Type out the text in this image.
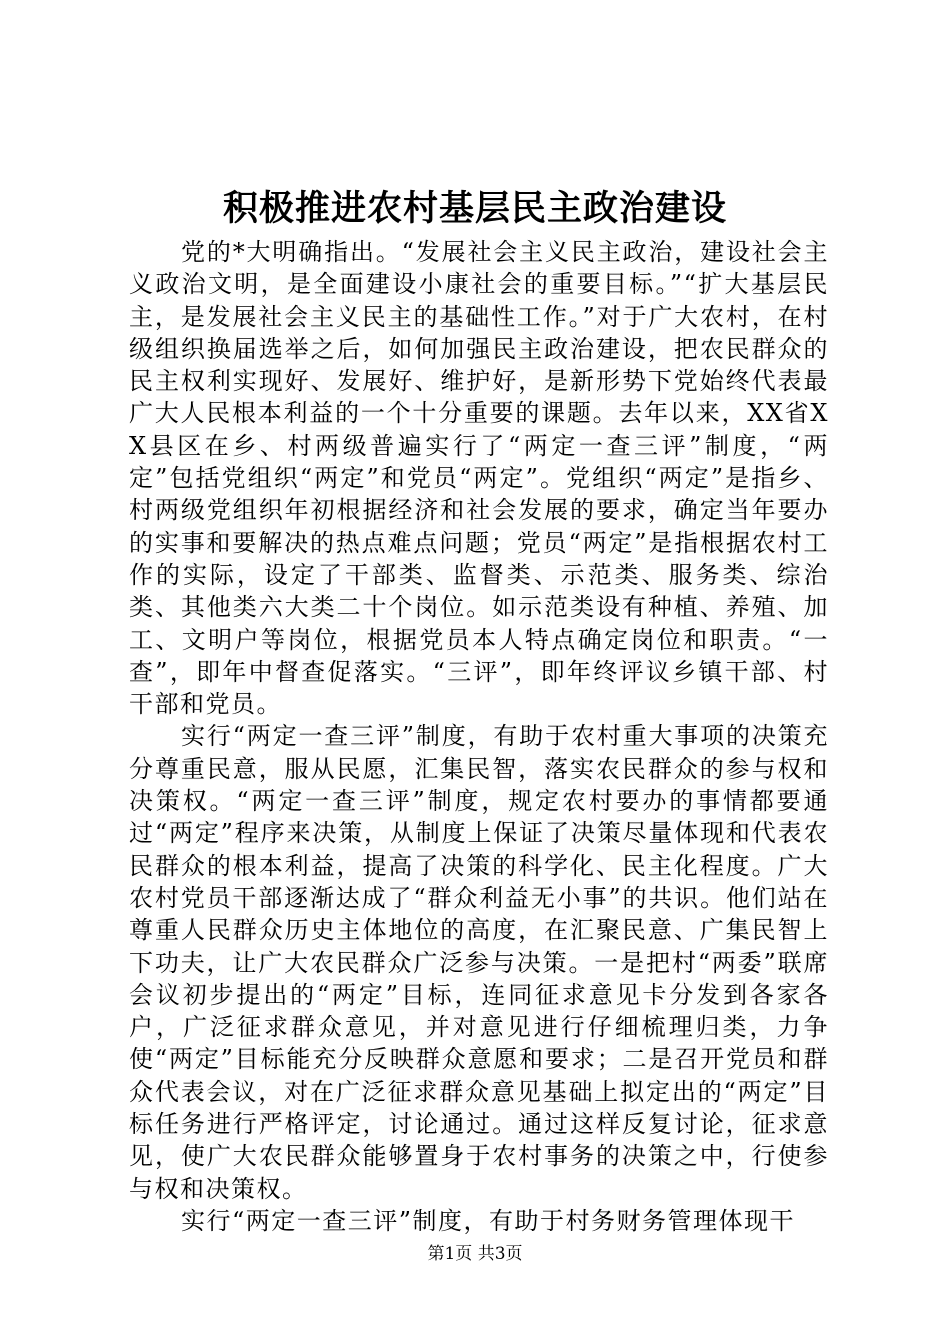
积极推进农村基层民主政治建设

党的*大明确指出。“发展社会主义民主政治，建设社会主义政治文明，是全面建设小康社会的重要目标。”“扩大基层民主，是发展社会主义民主的基础性工作。”对于广大农村，在村级组织换届选举之后，如何加强民主政治建设，把农民群众的民主权利实现好、发展好、维护好，是新形势下党始终代表最广大人民根本利益的一个十分重要的课题。去年以来，XX省XX县区在乡、村两级普遍实行了“两定一查三评”制度，“两定”包括党组织“两定”和党员“两定”。党组织“两定”是指乡、村两级党组织年初根据经济和社会发展的要求，确定当年要办的实事和要解决的热点难点问题；党员“两定”是指根据农村工作的实际，设定了干部类、监督类、示范类、服务类、综治类、其他类六大类二十个岗位。如示范类设有种植、养殖、加工、文明户等岗位，根据党员本人特点确定岗位和职责。“一查”，即年中督查促落实。“三评”，即年终评议乡镇干部、村干部和党员。

实行“两定一查三评”制度，有助于农村重大事项的决策充分尊重民意，服从民愿，汇集民智，落实农民群众的参与权和决策权。“两定一查三评”制度，规定农村要办的事情都要通过“两定”程序来决策，从制度上保证了决策尽量体现和代表农民群众的根本利益，提高了决策的科学化、民主化程度。广大农村党员干部逐渐达成了“群众利益无小事”的共识。他们站在尊重人民群众历史主体地位的高度，在汇聚民意、广集民智上下功夫，让广大农民群众广泛参与决策。一是把村“两委”联席会议初步提出的“两定”目标，连同征求意见卡分发到各家各户，广泛征求群众意见，并对意见进行仔细梳理归类，力争使“两定”目标能充分反映群众意愿和要求；二是召开党员和群众代表会议，对在广泛征求群众意见基础上拟定出的“两定”目标任务进行严格评定，讨论通过。通过这样反复讨论，征求意见，使广大农民群众能够置身于农村事务的决策之中，行使参与权和决策权。

实行“两定一查三评”制度，有助于村务财务管理体现干

第1页 共3页
